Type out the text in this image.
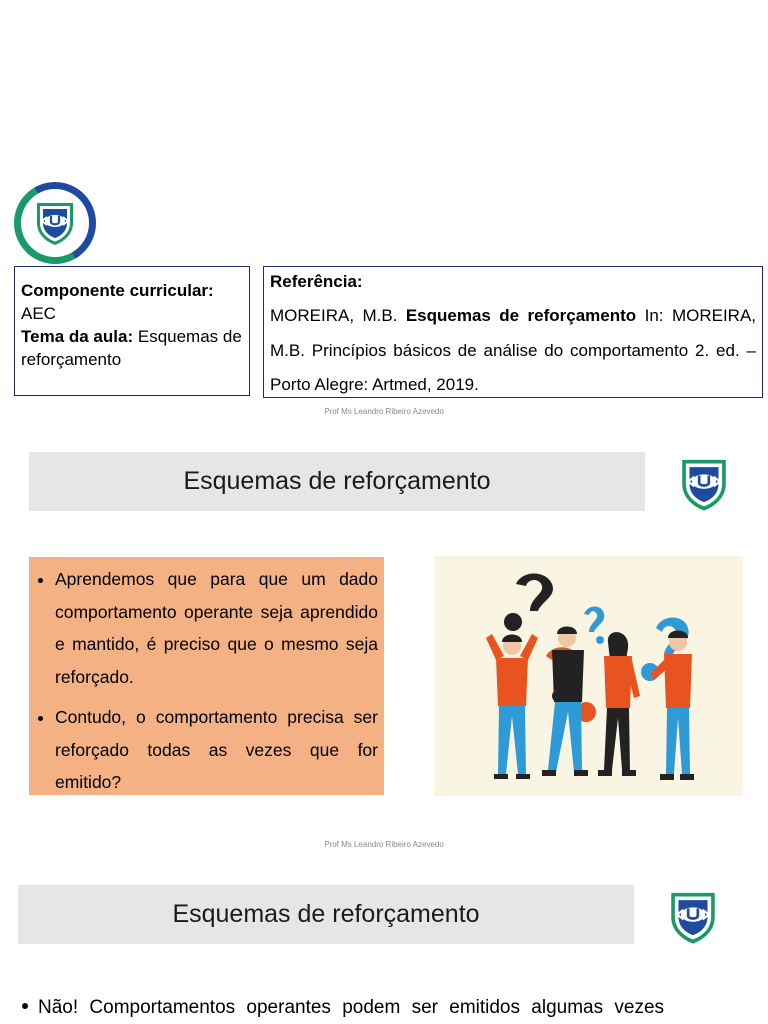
Componente curricular:
AEC
Tema da aula: Esquemas de reforçamento
Referência:
MOREIRA, M.B. Esquemas de reforçamento In: MOREIRA, M.B. Princípios básicos de análise do comportamento 2. ed. – Porto Alegre: Artmed, 2019.
Prof Ms Leandro Ribeiro Azevedo
Esquemas de reforçamento
• Aprendemos que para que um dado comportamento operante seja aprendido e mantido, é preciso que o mesmo seja reforçado.
• Contudo, o comportamento precisa ser reforçado todas as vezes que for emitido?
Prof Ms Leandro Ribeiro Azevedo
Esquemas de reforçamento
Não! Comportamentos operantes podem ser emitidos algumas vezes
